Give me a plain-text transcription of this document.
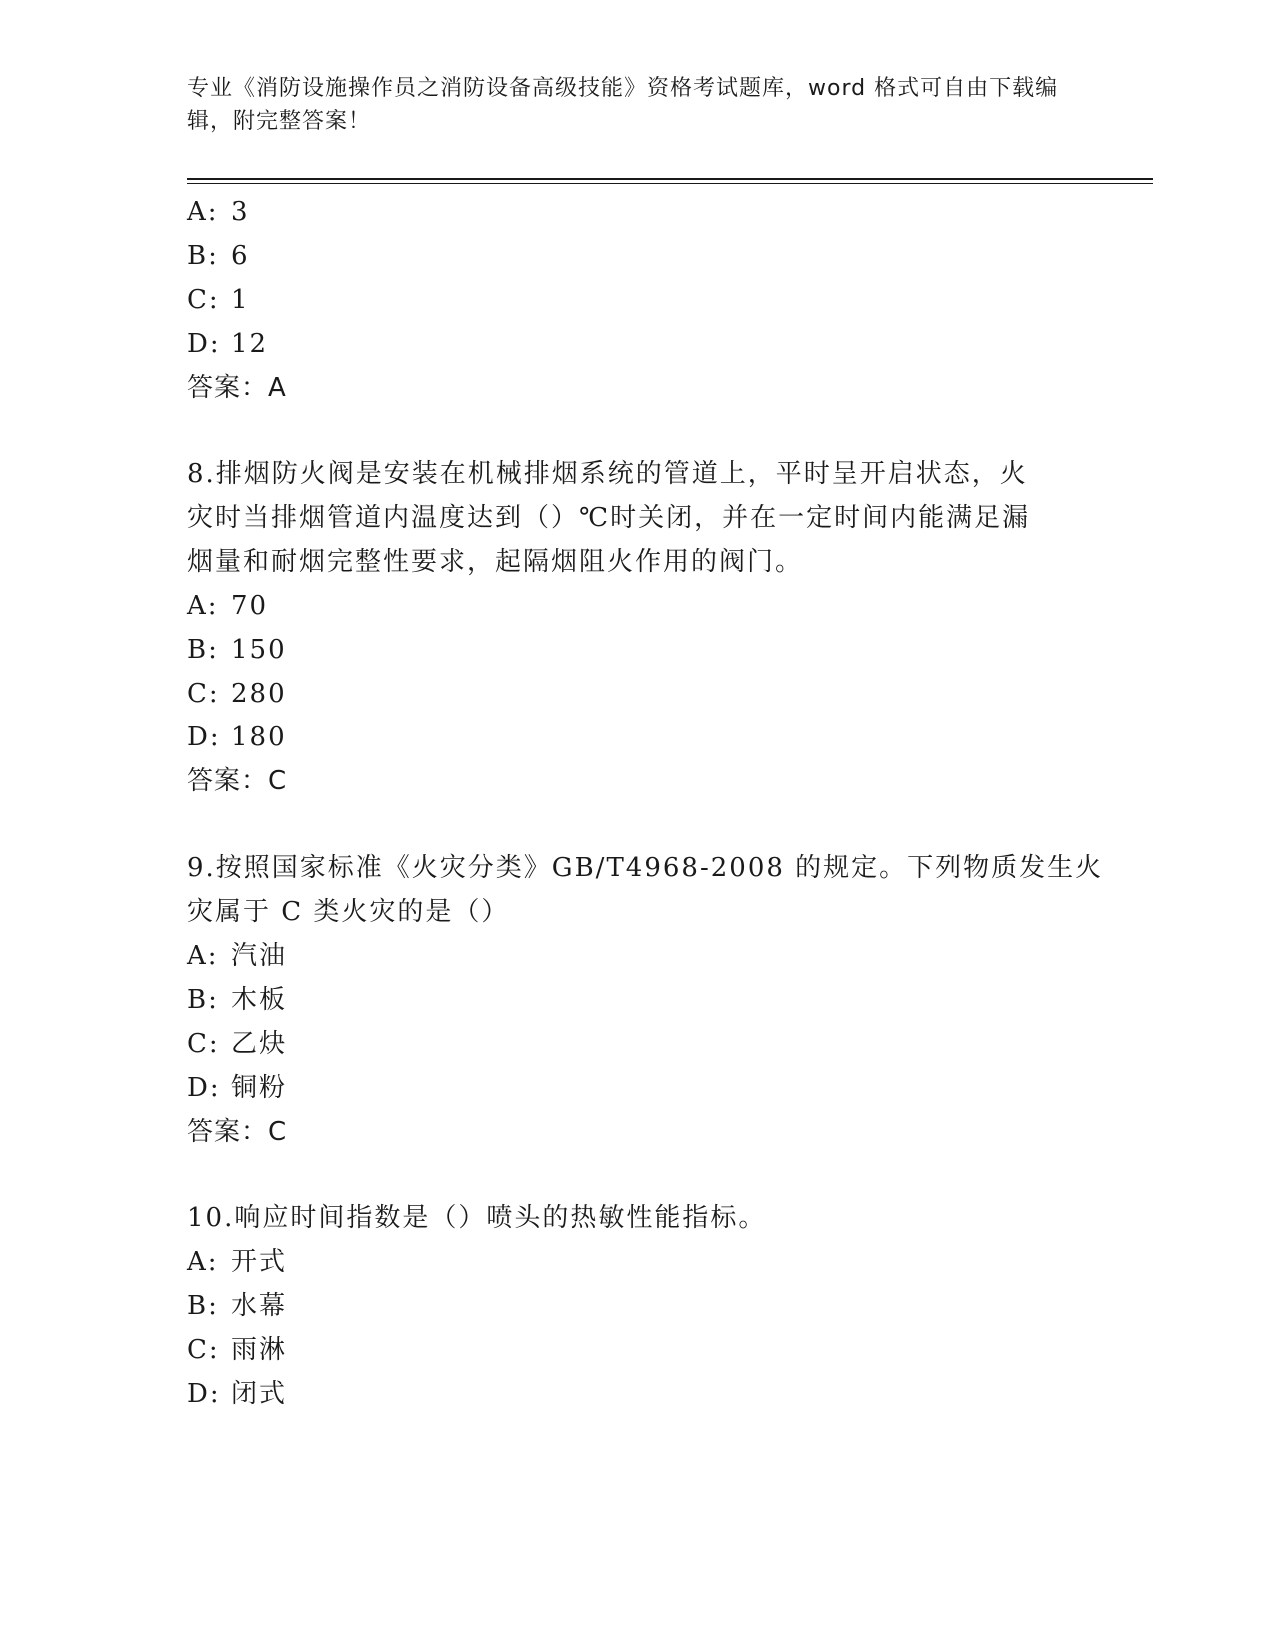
专业《消防设施操作员之消防设备高级技能》资格考试题库，word 格式可自由下载编辑，附完整答案！
A: 3
B: 6
C: 1
D: 12
答案：A
8.排烟防火阀是安装在机械排烟系统的管道上，平时呈开启状态，火
灾时当排烟管道内温度达到（）℃时关闭，并在一定时间内能满足漏
烟量和耐烟完整性要求，起隔烟阻火作用的阀门。
A: 70
B: 150
C: 280
D: 180
答案：C
9.按照国家标准《火灾分类》GB/T4968-2008 的规定。下列物质发生火
灾属于 C 类火灾的是（）
A: 汽油
B: 木板
C: 乙炔
D: 铜粉
答案：C
10.响应时间指数是（）喷头的热敏性能指标。
A: 开式
B: 水幕
C: 雨淋
D: 闭式
